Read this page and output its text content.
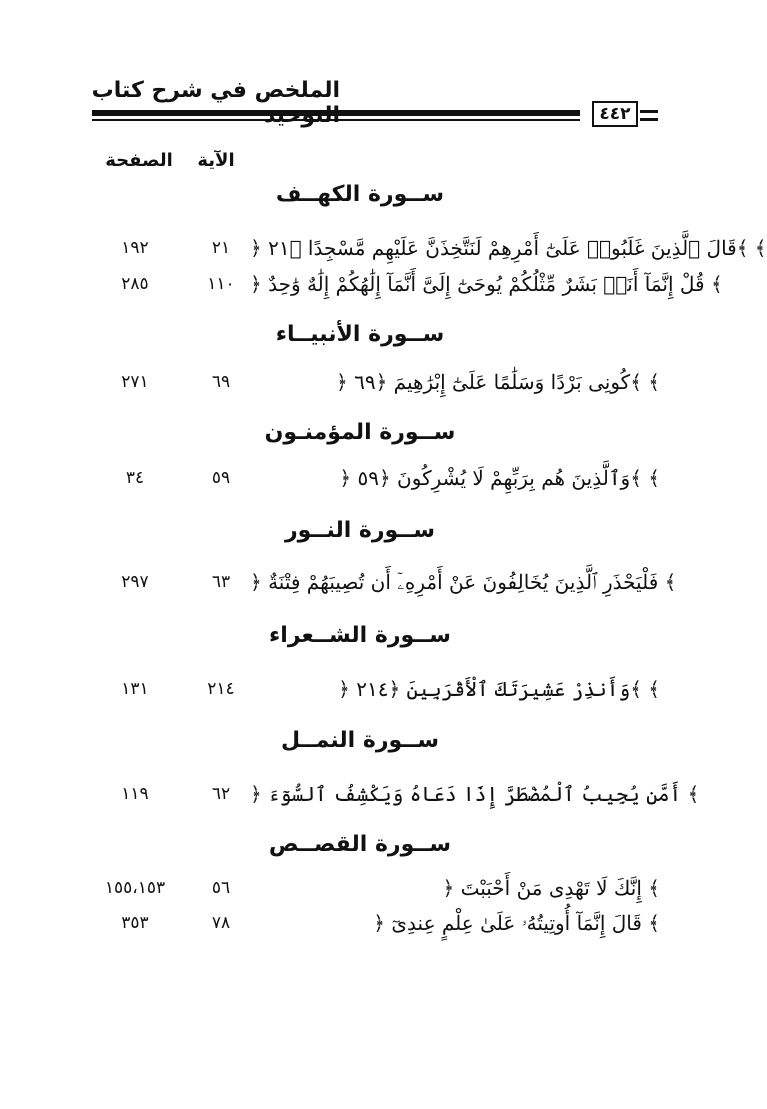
الملخص في شرح كتاب
٤٤٢
الآية
الصفحة
ســورة الكهــف
﴿ قَالَ ٱلَّذِينَ غَلَبُوا۟ عَلَىٰٓ أَمْرِهِمْ لَنَتَّخِذَنَّ عَلَيْهِم مَّسْجِدًا ﴿٢١﴾ ﴾
٢١
١٩٢
﴿ قُلْ إِنَّمَآ أَنَا۠ بَشَرٌ مِّثْلُكُمْ يُوحَىٰٓ إِلَىَّ أَنَّمَآ إِلَٰهُكُمْ إِلَٰهٌ وَٰحِدٌ ﴾
١١٠
٢٨٥
ســورة الأنبيــاء
﴿ كُونِى بَرْدًا وَسَلَٰمًا عَلَىٰٓ إِبْرَٰهِيمَ ﴿٦٩﴾ ﴾
٦٩
٢٧١
ســورة المؤمنـون
﴿ وَٱلَّذِينَ هُم بِرَبِّهِمْ لَا يُشْرِكُونَ ﴿٥٩﴾ ﴾
٥٩
٣٤
ســورة النــور
﴿ فَلْيَحْذَرِ ٱلَّذِينَ يُخَالِفُونَ عَنْ أَمْرِهِۦٓ أَن تُصِيبَهُمْ فِتْنَةٌ ﴾
٦٣
٢٩٧
ســورة الشــعراء
﴿ وَأَنذِرْ عَشِيرَتَكَ ٱلْأَقْرَبِينَ ﴿٢١٤﴾ ﴾
٢١٤
١٣١
ســورة النمــل
﴿ أَمَّن يُجِيبُ ٱلْمُضْطَرَّ إِذَا دَعَاهُ وَيَكْشِفُ ٱلسُّوٓءَ ﴾
٦٢
١١٩
ســورة القصــص
﴿ إِنَّكَ لَا تَهْدِى مَنْ أَحْبَبْتَ ﴾
٥٦
١٥٥،١٥٣
﴿ قَالَ إِنَّمَآ أُوتِيتُهُۥ عَلَىٰ عِلْمٍ عِندِىٓ ﴾
٧٨
٣٥٣
